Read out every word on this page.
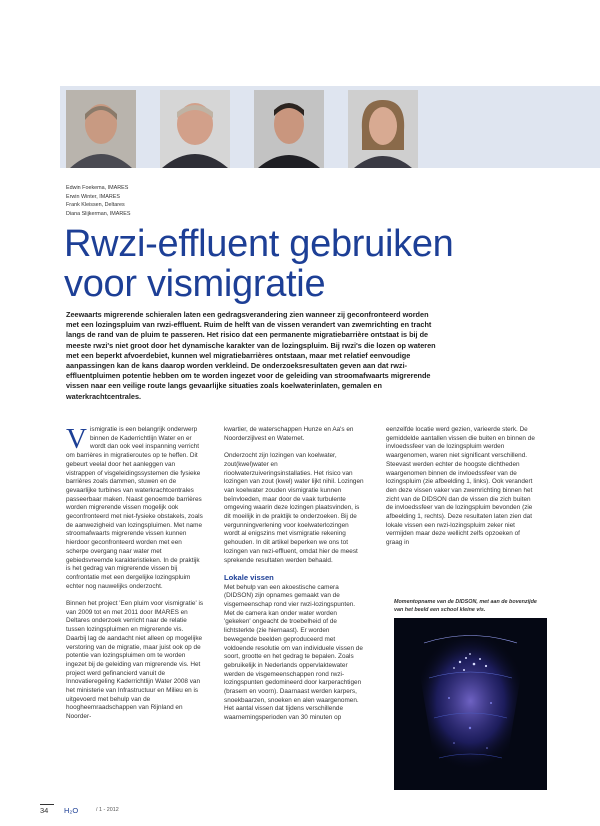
Edwin Foekema, IMARES
Erwin Winter, IMARES
Frank Kleissen, Deltares
Diana Slijkerman, IMARES
Rwzi-effluent gebruiken
voor vismigratie
Zeewaarts migrerende schieralen laten een gedragsverandering zien wanneer zij geconfronteerd worden met een lozingspluim van rwzi-effluent. Ruim de helft van de vissen verandert van zwemrichting en tracht langs de rand van de pluim te passeren. Het risico dat een permanente migratiebarrière ontstaat is bij de meeste rwzi's niet groot door het dynamische karakter van de lozingspluim. Bij rwzi's die lozen op wateren met een beperkt afvoerdebiet, kunnen wel migratiebarrières ontstaan, maar met relatief eenvoudige aanpassingen kan de kans daarop worden verkleind. De onderzoeksresultaten geven aan dat rwzi-effluentpluimen potentie hebben om te worden ingezet voor de geleiding van stroomafwaarts migrerende vissen naar een veilige route langs gevaarlijke situaties zoals koelwaterinlaten, gemalen en waterkrachtcentrales.

Vismigratie is een belangrijk onderwerp binnen de Kaderrichtlijn Water en er wordt dan ook veel inspanning verricht om barrières in migratieroutes op te heffen. Dit gebeurt veelal door het aanleggen van vistrappen of visgeleidingssystemen die fysieke barrières zoals dammen, stuwen en de gevaarlijke turbines van waterkrachtcentrales passeerbaar maken. Naast genoemde barrières worden migrerende vissen mogelijk ook geconfronteerd met niet-fysieke obstakels, zoals de aanwezigheid van lozingspluimen. Met name stroomafwaarts migrerende vissen kunnen hierdoor geconfronteerd worden met een scherpe overgang naar water met gebiedsvreemde karakteristieken. In de praktijk is het gedrag van migrerende vissen bij confrontatie met een dergelijke lozingspluim echter nog nauwelijks onderzocht.

Binnen het project 'Een pluim voor vismigratie' is van 2009 tot en met 2011 door IMARES en Deltares onderzoek verricht naar de relatie tussen lozingspluimen en migrerende vis. Daarbij lag de aandacht niet alleen op mogelijke verstoring van de migratie, maar juist ook op de potentie van lozingspluimen om te worden ingezet bij de geleiding van migrerende vis. Het project werd gefinancierd vanuit de Innovatieregeling Kaderrichtlijn Water 2008 van het ministerie van Infrastructuur en Milieu en is uitgevoerd met behulp van de hoogheemraadschappen van Rijnland en Noorder-

kwartier, de waterschappen Hunze en Aa's en Noorderzijlvest en Waternet.

Onderzocht zijn lozingen van koelwater, zout(kwel)water en rioolwaterzuiveringsinstallaties. Het risico van lozingen van zout (kwel) water lijkt nihil. Lozingen van koelwater zouden vismigratie kunnen beïnvloeden, maar door de vaak turbulente omgeving waarin deze lozingen plaatsvinden, is dit moeilijk in de praktijk te onderzoeken. Bij de vergunningverlening voor koelwaterlozingen wordt al enigszins met vismigratie rekening gehouden. In dit artikel beperken we ons tot lozingen van rwzi-effluent, omdat hier de meest sprekende resultaten werden behaald.

Lokale vissen

Met behulp van een akoestische camera (DIDSON) zijn opnames gemaakt van de visgemeenschap rond vier rwzi-lozingspunten. Met de camera kan onder water worden 'gekeken' ongeacht de troebelheid of de lichtsterkte (zie hiernaast). Er worden bewegende beelden geproduceerd met voldoende resolutie om van individuele vissen de soort, grootte en het gedrag te bepalen. Zoals gebruikelijk in Nederlands oppervlaktewater werden de visgemeenschappen rond rwzi-lozingspunten gedomineerd door karperachtigen (brasem en voorn). Daarnaast werden karpers, snoekbaarzen, snoeken en alen waargenomen. Het aantal vissen dat tijdens verschillende waarnemingsperioden van 30 minuten op

eenzelfde locatie werd gezien, varieerde sterk. De gemiddelde aantallen vissen die buiten en binnen de invloedssfeer van de lozingspluim werden waargenomen, waren niet significant verschillend. Steevast werden echter de hoogste dichtheden waargenomen binnen de invloedssfeer van de lozingspluim (zie afbeelding 1, links). Ook verandert den deze vissen vaker van zwemrichting binnen het zicht van de DIDSON dan de vissen die zich buiten de invloedssfeer van de lozingspluim bevonden (zie afbeelding 1, rechts). Deze resultaten laten zien dat lokale vissen een rwzi-lozingspluim zeker niet vermijden maar deze wellicht zelfs opzoeken of graag in

Momentopname van de DIDSON, met aan de bovenzijde van het beeld een school kleine vis.
34 H₂O	/ 1 - 2012
